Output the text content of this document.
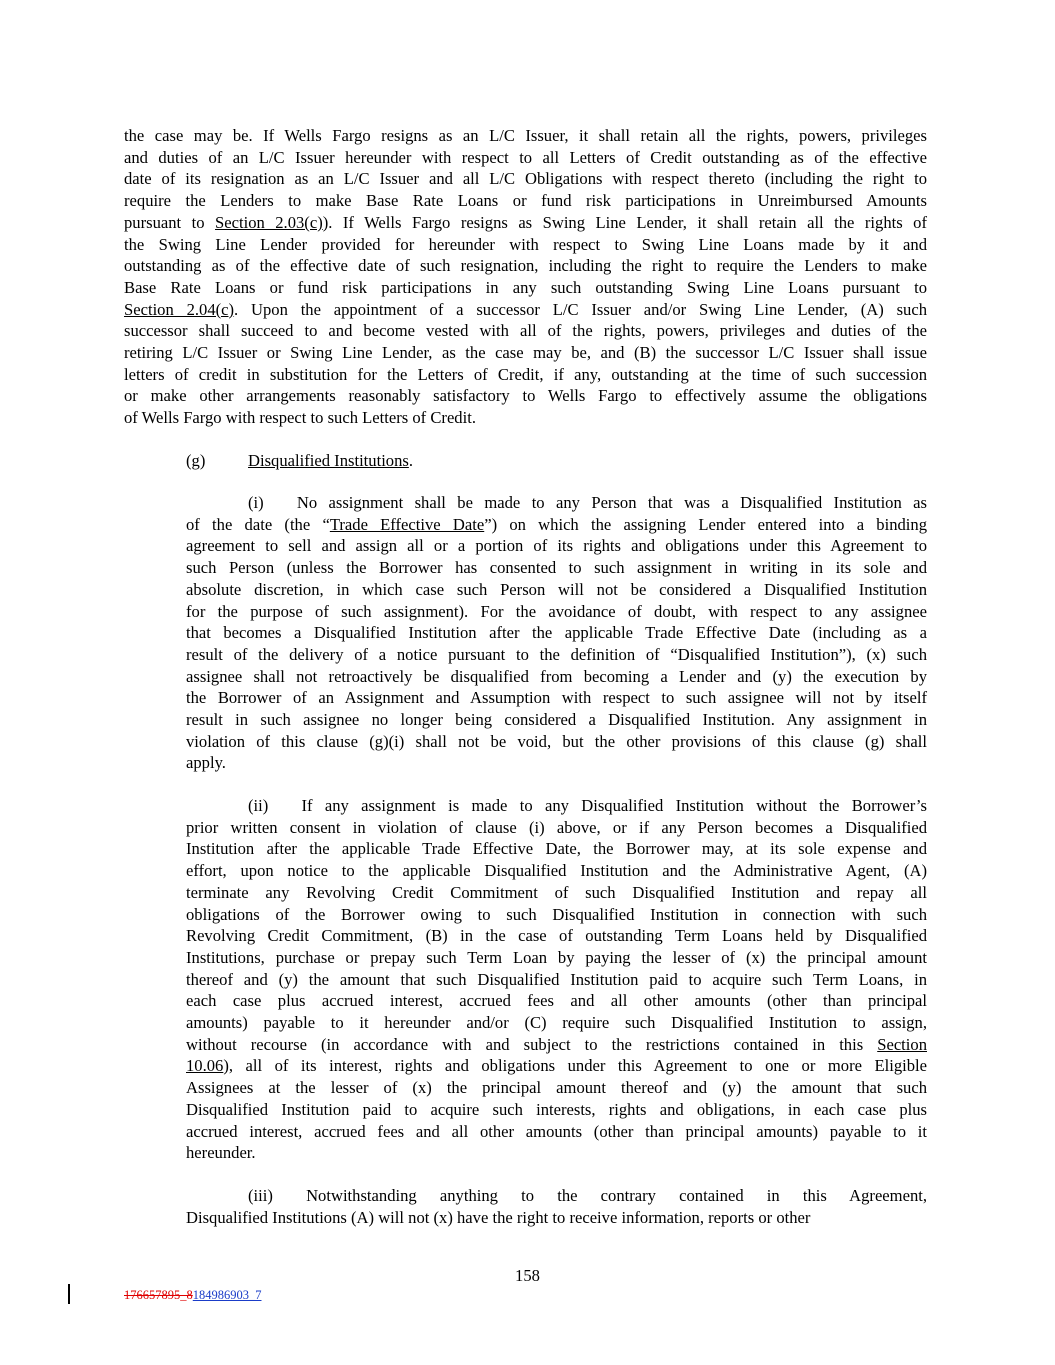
the case may be. If Wells Fargo resigns as an L/C Issuer, it shall retain all the rights, powers, privileges
and duties of an L/C Issuer hereunder with respect to all Letters of Credit outstanding as of the effective
date of its resignation as an L/C Issuer and all L/C Obligations with respect thereto (including the right to
require the Lenders to make Base Rate Loans or fund risk participations in Unreimbursed Amounts
pursuant to Section 2.03(c)). If Wells Fargo resigns as Swing Line Lender, it shall retain all the rights of
the Swing Line Lender provided for hereunder with respect to Swing Line Loans made by it and
outstanding as of the effective date of such resignation, including the right to require the Lenders to make
Base Rate Loans or fund risk participations in any such outstanding Swing Line Loans pursuant to
Section 2.04(c). Upon the appointment of a successor L/C Issuer and/or Swing Line Lender, (A) such
successor shall succeed to and become vested with all of the rights, powers, privileges and duties of the
retiring L/C Issuer or Swing Line Lender, as the case may be, and (B) the successor L/C Issuer shall issue
letters of credit in substitution for the Letters of Credit, if any, outstanding at the time of such succession
or make other arrangements reasonably satisfactory to Wells Fargo to effectively assume the obligations
of Wells Fargo with respect to such Letters of Credit.
(g)	Disqualified Institutions.
(i)  No assignment shall be made to any Person that was a Disqualified Institution as
of the date (the “Trade Effective Date”) on which the assigning Lender entered into a binding
agreement to sell and assign all or a portion of its rights and obligations under this Agreement to
such Person (unless the Borrower has consented to such assignment in writing in its sole and
absolute discretion, in which case such Person will not be considered a Disqualified Institution
for the purpose of such assignment). For the avoidance of doubt, with respect to any assignee
that becomes a Disqualified Institution after the applicable Trade Effective Date (including as a
result of the delivery of a notice pursuant to the definition of “Disqualified Institution”), (x) such
assignee shall not retroactively be disqualified from becoming a Lender and (y) the execution by
the Borrower of an Assignment and Assumption with respect to such assignee will not by itself
result in such assignee no longer being considered a Disqualified Institution. Any assignment in
violation of this clause (g)(i) shall not be void, but the other provisions of this clause (g) shall
apply.
(ii)  If any assignment is made to any Disqualified Institution without the Borrower’s
prior written consent in violation of clause (i) above, or if any Person becomes a Disqualified
Institution after the applicable Trade Effective Date, the Borrower may, at its sole expense and
effort, upon notice to the applicable Disqualified Institution and the Administrative Agent, (A)
terminate any Revolving Credit Commitment of such Disqualified Institution and repay all
obligations of the Borrower owing to such Disqualified Institution in connection with such
Revolving Credit Commitment, (B) in the case of outstanding Term Loans held by Disqualified
Institutions, purchase or prepay such Term Loan by paying the lesser of (x) the principal amount
thereof and (y) the amount that such Disqualified Institution paid to acquire such Term Loans, in
each case plus accrued interest, accrued fees and all other amounts (other than principal
amounts) payable to it hereunder and/or (C) require such Disqualified Institution to assign,
without recourse (in accordance with and subject to the restrictions contained in this Section
10.06), all of its interest, rights and obligations under this Agreement to one or more Eligible
Assignees at the lesser of (x) the principal amount thereof and (y) the amount that such
Disqualified Institution paid to acquire such interests, rights and obligations, in each case plus
accrued interest, accrued fees and all other amounts (other than principal amounts) payable to it
hereunder.
(iii)  Notwithstanding anything to the contrary contained in this Agreement,
Disqualified Institutions (A) will not (x) have the right to receive information, reports or other
158
176657895_8184986903_7
